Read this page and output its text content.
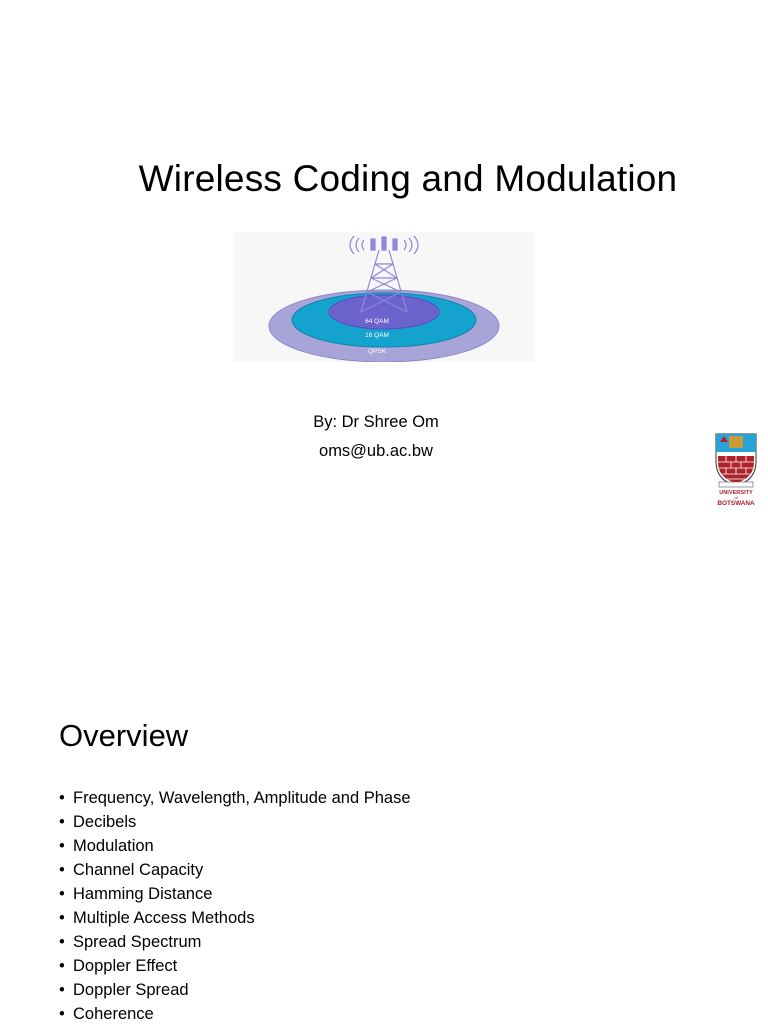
Wireless Coding and Modulation
64 QAM
16 QAM
QPSK
By: Dr Shree Om
oms@ub.ac.bw
UNIVERSITY
of
BOTSWANA
Overview
• Frequency, Wavelength, Amplitude and Phase
• Decibels
• Modulation
• Channel Capacity
• Hamming Distance
• Multiple Access Methods
• Spread Spectrum
• Doppler Effect
• Doppler Spread
• Coherence
